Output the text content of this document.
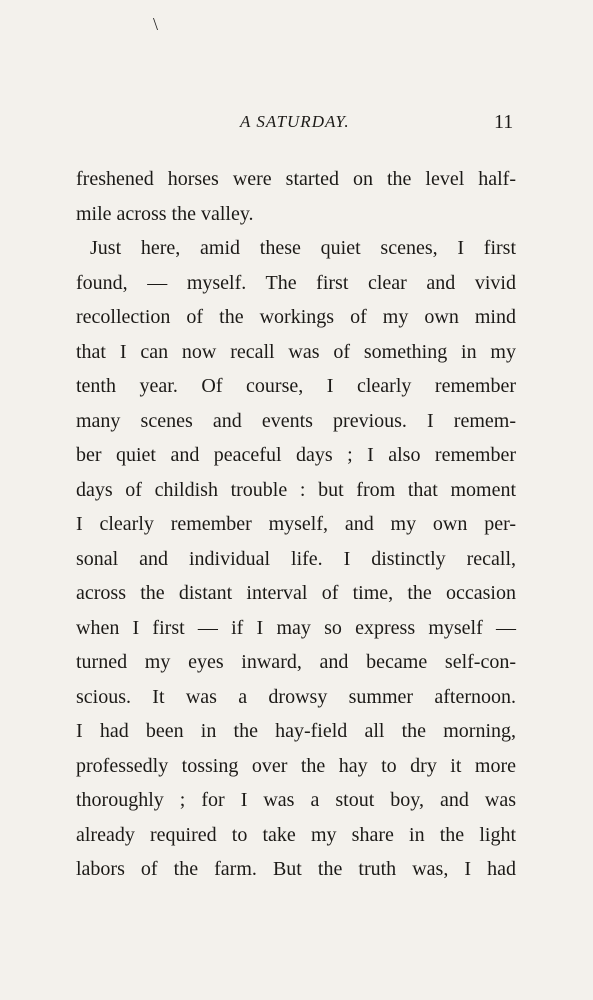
\
A SATURDAY.	11
freshened horses were started on the level half-
mile across the valley.
Just here, amid these quiet scenes, I first
found, — myself. The first clear and vivid
recollection of the workings of my own mind
that I can now recall was of something in my
tenth year. Of course, I clearly remember
many scenes and events previous. I remem-
ber quiet and peaceful days ; I also remember
days of childish trouble : but from that moment
I clearly remember myself, and my own per-
sonal and individual life. I distinctly recall,
across the distant interval of time, the occasion
when I first — if I may so express myself —
turned my eyes inward, and became self-con-
scious. It was a drowsy summer afternoon.
I had been in the hay-field all the morning,
professedly tossing over the hay to dry it more
thoroughly ; for I was a stout boy, and was
already required to take my share in the light
labors of the farm. But the truth was, I had
